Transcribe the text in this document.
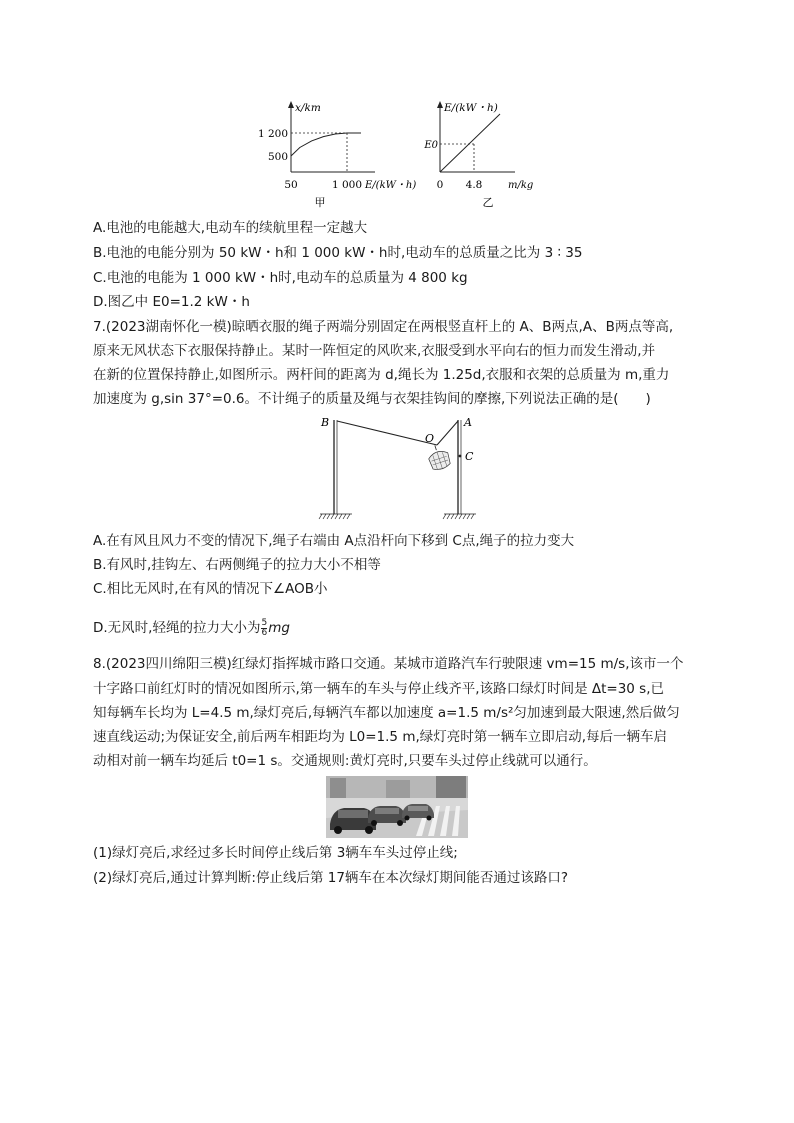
x/km
1 200
500
50	1 000 E/(kW・h)
甲
E/(kW・h)
E0
0 4.8	m/kg
乙
A.电池的电能越大,电动车的续航里程一定越大
B.电池的电能分别为 50 kW・h和 1 000 kW・h时,电动车的总质量之比为 3 ∶ 35
C.电池的电能为 1 000 kW・h时,电动车的总质量为 4 800 kg
D.图乙中 E0=1.2 kW・h
7.(2023湖南怀化一模)晾晒衣服的绳子两端分别固定在两根竖直杆上的 A、B两点,A、B两点等高,
原来无风状态下衣服保持静止。某时一阵恒定的风吹来,衣服受到水平向右的恒力而发生滑动,并
在新的位置保持静止,如图所示。两杆间的距离为 d,绳长为 1.25d,衣服和衣架的总质量为 m,重力
加速度为 g,sin 37°=0.6。不计绳子的质量及绳与衣架挂钩间的摩擦,下列说法正确的是(　　)
B	A
O
C
A.在有风且风力不变的情况下,绳子右端由 A点沿杆向下移到 C点,绳子的拉力变大
B.有风时,挂钩左、右两侧绳子的拉力大小不相等
C.相比无风时,在有风的情况下∠AOB小
D.无风时,轻绳的拉力大小为 $\frac{5}{6}$ mg
8.(2023四川绵阳三模)红绿灯指挥城市路口交通。某城市道路汽车行驶限速 vm=15 m/s,该市一个
十字路口前红灯时的情况如图所示,第一辆车的车头与停止线齐平,该路口绿灯时间是 Δt=30 s,已
知每辆车长均为 L=4.5 m,绿灯亮后,每辆汽车都以加速度 a=1.5 m/s²匀加速到最大限速,然后做匀
速直线运动;为保证安全,前后两车相距均为 L0=1.5 m,绿灯亮时第一辆车立即启动,每后一辆车启
动相对前一辆车均延后 t0=1 s。交通规则:黄灯亮时,只要车头过停止线就可以通行。
(1)绿灯亮后,求经过多长时间停止线后第 3辆车车头过停止线;
(2)绿灯亮后,通过计算判断:停止线后第 17辆车在本次绿灯期间能否通过该路口?
